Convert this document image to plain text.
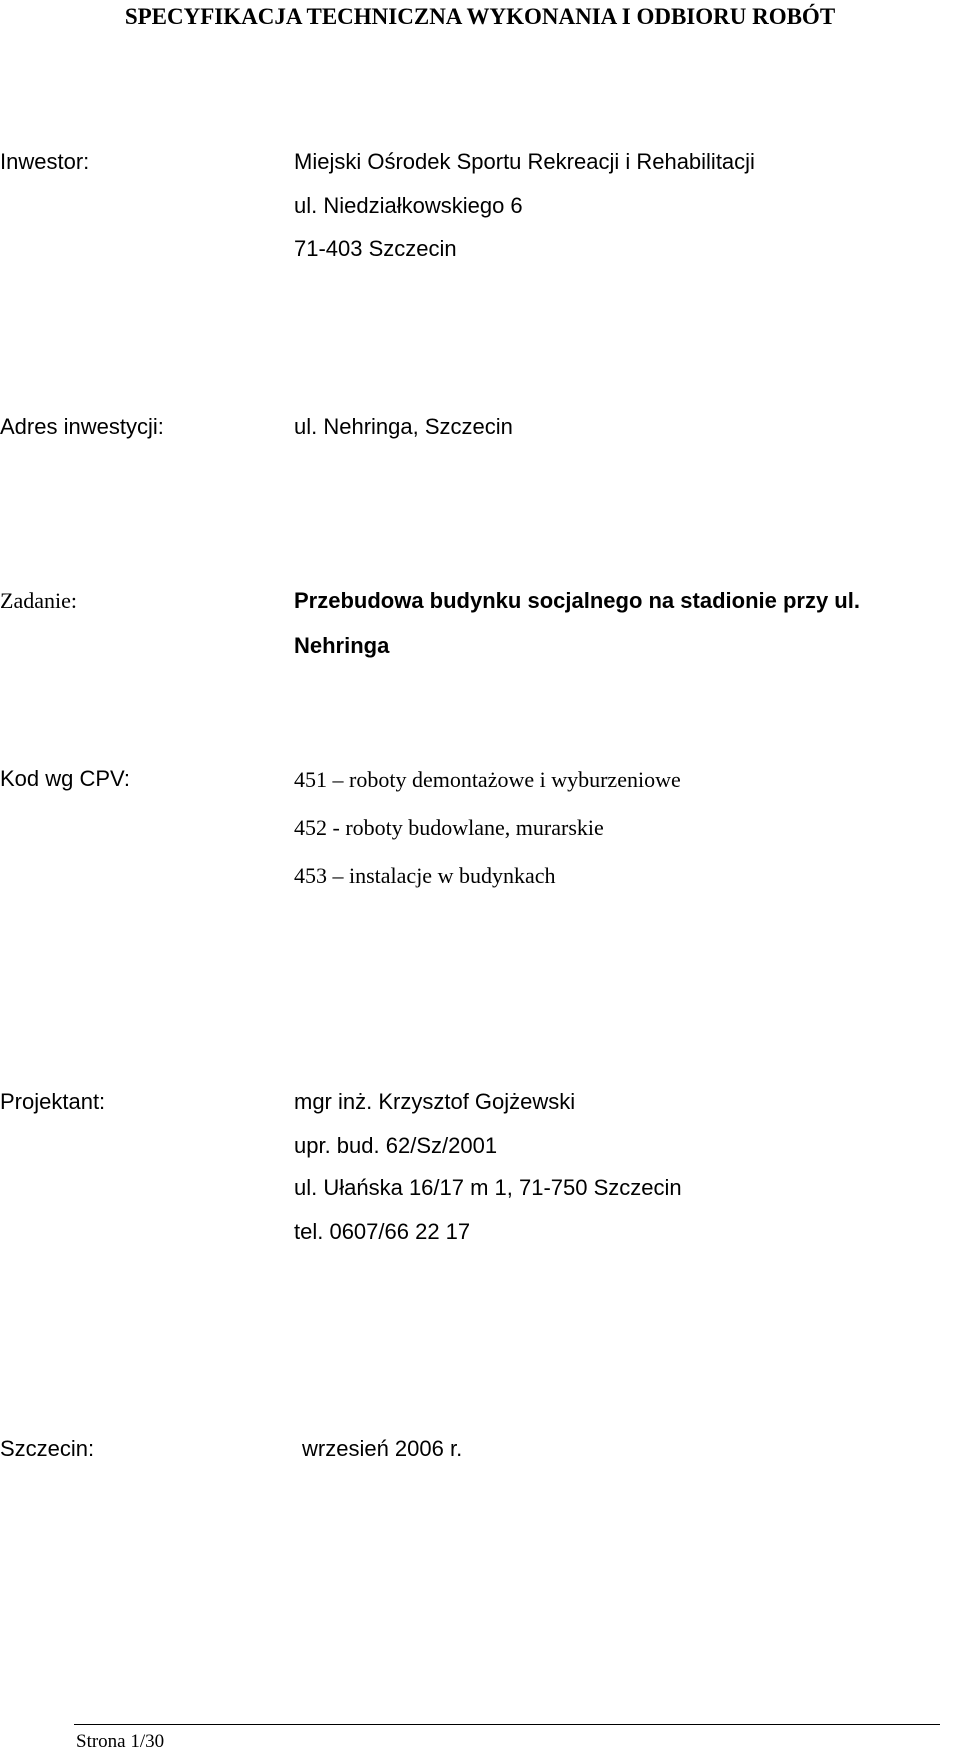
SPECYFIKACJA TECHNICZNA WYKONANIA I ODBIORU ROBÓT
Inwestor:	Miejski Ośrodek Sportu Rekreacji i Rehabilitacji
ul. Niedziałkowskiego 6
71-403 Szczecin
Adres inwestycji:	ul. Nehringa, Szczecin
Zadanie:	Przebudowa budynku socjalnego na stadionie przy ul.
Nehringa
Kod wg CPV:	451 – roboty demontażowe i wyburzeniowe
452 - roboty budowlane, murarskie
453 – instalacje w budynkach
Projektant:	mgr inż. Krzysztof Gojżewski
upr. bud. 62/Sz/2001
ul. Ułańska 16/17 m 1, 71-750 Szczecin
tel. 0607/66 22 17
Szczecin:	wrzesień 2006 r.
Strona 1/30
